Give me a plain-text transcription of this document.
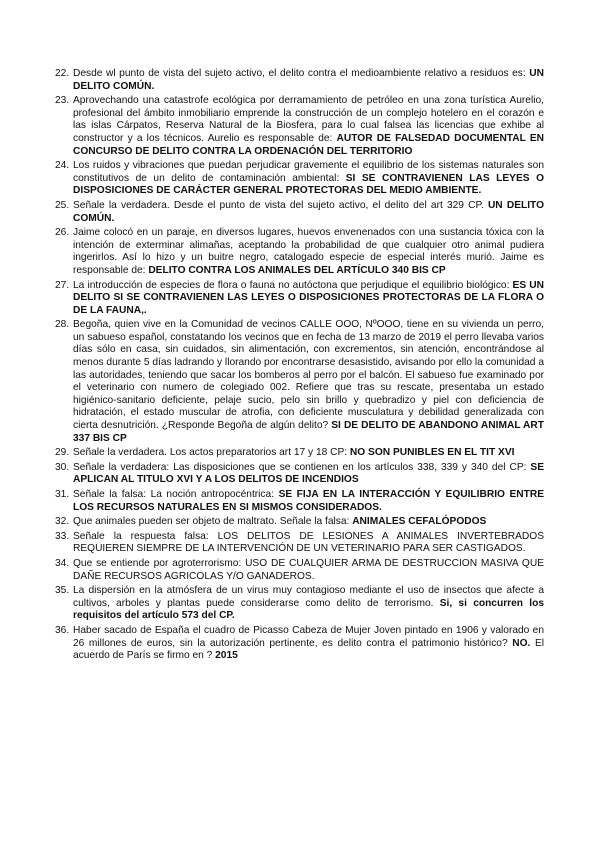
22. Desde wl punto de vista del sujeto activo, el delito contra el medioambiente relativo a residuos es: UN DELITO COMÚN.
23. Aprovechando una catastrofe ecológica por derramamiento de petróleo en una zona turística Aurelio, profesional del ámbito inmobiliario emprende la construcción de un complejo hotelero en el corazón e las islas Cárpatos, Reserva Natural de la Biosfera, para lo cual falsea las licencias que exhibe al constructor y a los técnicos. Aurelio es responsable de: AUTOR DE FALSEDAD DOCUMENTAL EN CONCURSO DE DELITO CONTRA LA ORDENACIÓN DEL TERRITORIO
24. Los ruidos y vibraciones que puedan perjudicar gravemente el equilibrio de los sistemas naturales son constitutivos de un delito de contaminación ambiental: SI SE CONTRAVIENEN LAS LEYES O DISPOSICIONES DE CARÁCTER GENERAL PROTECTORAS DEL MEDIO AMBIENTE.
25. Señale la verdadera. Desde el punto de vista del sujeto activo, el delito del art 329 CP. UN DELITO COMÚN.
26. Jaime colocó en un paraje, en diversos lugares, huevos envenenados con una sustancia tóxica con la intención de exterminar alimañas, aceptando la probabilidad de que cualquier otro animal pudiera ingerirlos. Así lo hizo y un buitre negro, catalogado especie de especial interés murió. Jaime es responsable de: DELITO CONTRA LOS ANIMALES DEL ARTÍCULO 340 BIS CP
27. La introducción de especies de flora o fauna no autóctona que perjudique el equilibrio biológico: ES UN DELITO SI SE CONTRAVIENEN LAS LEYES O DISPOSICIONES PROTECTORAS DE LA FLORA O DE LA FAUNA,.
28. Begoña, quien vive en la Comunidad de vecinos CALLE OOO, NºOOO, tiene en su vivienda un perro, un sabueso español, constatando los vecinos que en fecha de 13 marzo de 2019 el perro llevaba varios días sólo en casa, sin cuidados, sin alimentación, con excrementos, sin atención, encontrándose al menos durante 5 días ladrando y llorando por encontrarse desasistido, avisando por ello la comunidad a las autoridades, teniendo que sacar los bomberos al perro por el balcón. El sabueso fue examinado por el veterinario con numero de colegiado 002. Refiere que tras su rescate, presentaba un estado higiénico-sanitario deficiente, pelaje sucio, pelo sin brillo y quebradizo y piel con deficiencia de hidratación, el estado muscular de atrofia, con deficiente musculatura y debilidad generalizada con cierta desnutrición. ¿Responde Begoña de algún delito? SI DE DELITO DE ABANDONO ANIMAL ART 337 BIS CP
29. Señale la verdadera. Los actos preparatorios art 17 y 18 CP: NO SON PUNIBLES EN EL TIT XVI
30. Señale la verdadera: Las disposiciones que se contienen en los artículos 338, 339 y 340 del CP: SE APLICAN AL TITULO XVI Y A LOS DELITOS DE INCENDIOS
31. Señale la falsa: La noción antropocéntrica: SE FIJA EN LA INTERACCIÓN Y EQUILIBRIO ENTRE LOS RECURSOS NATURALES EN SI MISMOS CONSIDERADOS.
32. Que animales pueden ser objeto de maltrato. Señale la falsa: ANIMALES CEFALÓPODOS
33. Señale la respuesta falsa: LOS DELITOS DE LESIONES A ANIMALES INVERTEBRADOS REQUIEREN SIEMPRE DE LA INTERVENCIÓN DE UN VETERINARIO PARA SER CASTIGADOS.
34. Que se entiende por agroterrorismo: USO DE CUALQUIER ARMA DE DESTRUCCION MASIVA QUE DAÑE RECURSOS AGRICOLAS Y/O GANADEROS.
35. La dispersión en la atmósfera de un virus muy contagioso mediante el uso de insectos que afecte a cultivos, arboles y plantas puede considerarse como delito de terrorismo. Si, si concurren los requisitos del artículo 573 del CP.
36. Haber sacado de España el cuadro de Picasso Cabeza de Mujer Joven pintado en 1906 y valorado en 26 millones de euros, sin la autorización pertinente, es delito contra el patrimonio histórico? NO. El acuerdo de París se firmo en ? 2015
